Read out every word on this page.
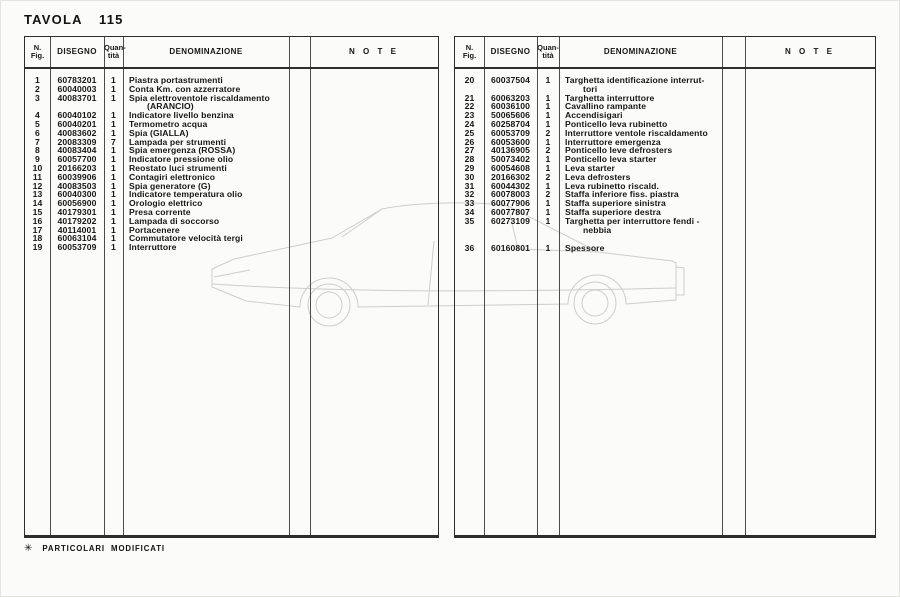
TAVOLA 115
N.
Fig.	DISEGNO Quan-
tità	DENOMINAZIONE	N O T E
1	60783201	1	Piastra portastrumenti
2	60040003	1	Conta Km. con azzerratore
3	40083701	1	Spia elettroventole riscaldamento
(ARANCIO)
4	60040102	1	Indicatore livello benzina
5	60040201	1	Termometro acqua
6	40083602	1	Spia (GIALLA)
7	20083309	7	Lampada per strumenti
8	40083404	1	Spia emergenza (ROSSA)
9	60057700	1	Indicatore pressione olio
10	20166203	1	Reostato luci strumenti
11	60039906	1	Contagiri elettronico
12	40083503	1	Spia generatore (G)
13	60040300	1	Indicatore temperatura olio
14	60056900	1	Orologio elettrico
15	40179301	1	Presa corrente
16	40179202	1	Lampada di soccorso
17	40114001	1	Portacenere
18	60063104	1	Commutatore velocità tergi
19	60053709	1	Interruttore
N.
Fig.	DISEGNO Quan-
tità	DENOMINAZIONE	N O T E
20	60037504	1	Targhetta identificazione interrut-
tori
21	60063203	1	Targhetta interruttore
22	60036100	1	Cavallino rampante
23	50065606	1	Accendisigari
24	60258704	1	Ponticello leva rubinetto
25	60053709	2	Interruttore ventole riscaldamento
26	60053600	1	Interruttore emergenza
27	40136905	2	Ponticello leve defrosters
28	50073402	1	Ponticello leva starter
29	60054608	1	Leva starter
30	20166302	2	Leva defrosters
31	60044302	1	Leva rubinetto riscald.
32	60078003	2	Staffa inferiore fiss. piastra
33	60077906	1	Staffa superiore sinistra
34	60077807	1	Staffa superiore destra
35	60273109	1	Targhetta per interruttore fendi -
nebbia
36	60160801	1	Spessore
✳ PARTICOLARI MODIFICATI
